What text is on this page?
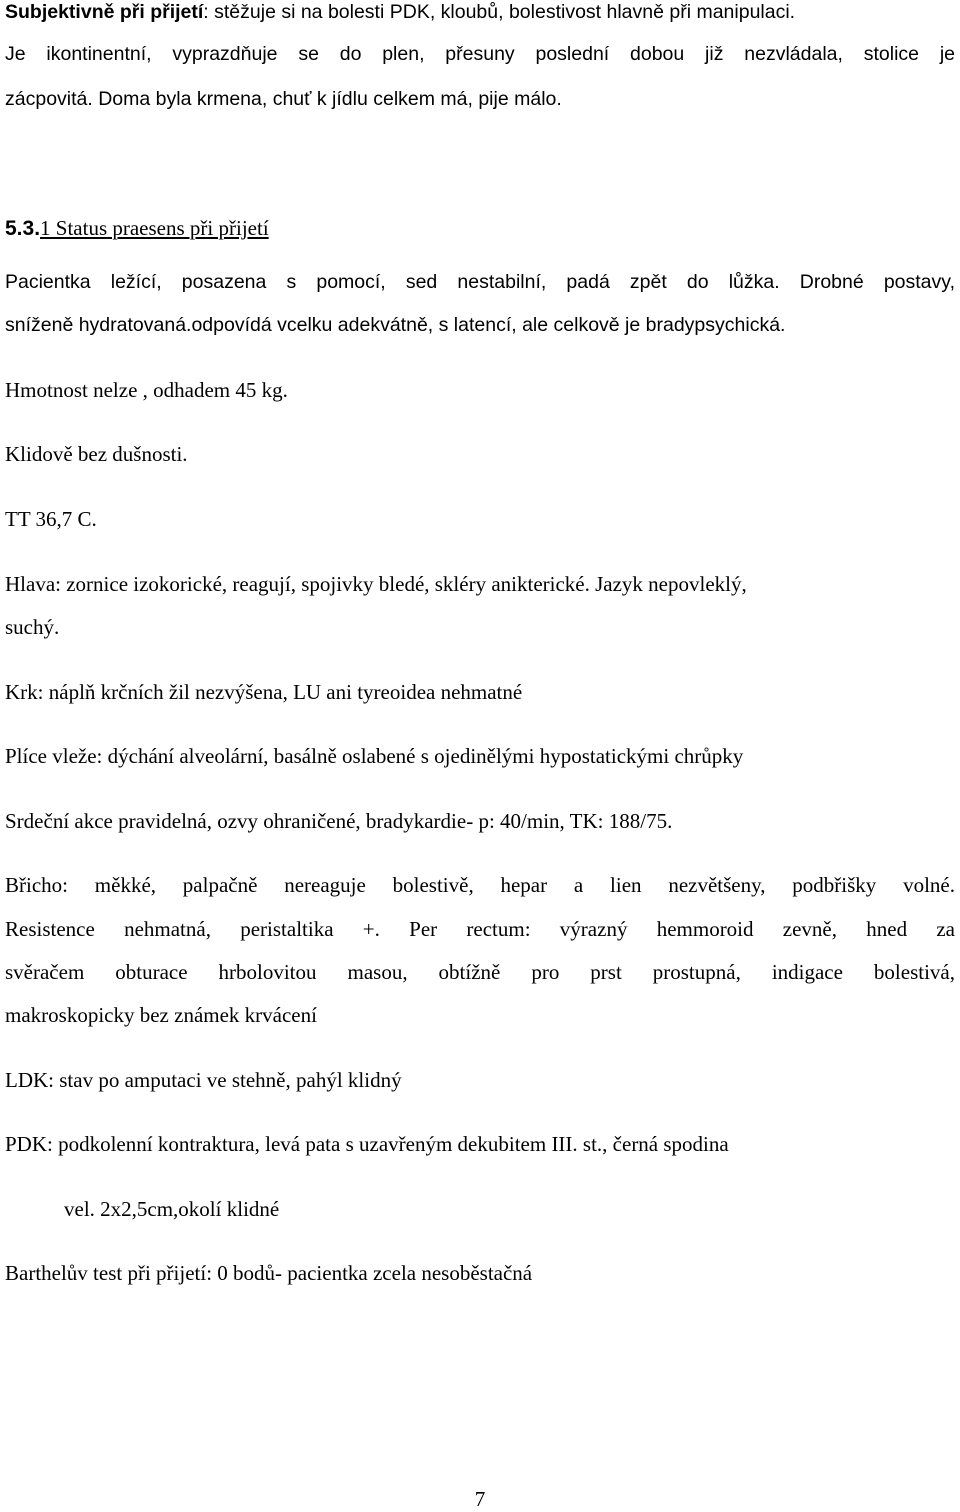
Subjektivně při přijetí: stěžuje si na bolesti PDK, kloubů, bolestivost hlavně při manipulaci.

Je ikontinentní, vyprazdňuje se do plen, přesuny poslední dobou již nezvládala, stolice je

zácpovitá. Doma byla krmena, chuť k jídlu celkem má, pije málo.

5.3.1 Status praesens při přijetí

Pacientka ležící, posazena s pomocí, sed nestabilní, padá zpět do lůžka. Drobné postavy,

sníženě hydratovaná.odpovídá vcelku adekvátně, s latencí, ale celkově je bradypsychická.

Hmotnost nelze , odhadem 45 kg.

Klidově bez dušnosti.

TT 36,7 C.

Hlava: zornice izokorické, reagují, spojivky bledé, skléry anikterické. Jazyk nepovleklý,

suchý.

Krk: náplň krčních žil nezvýšena, LU ani tyreoidea nehmatné

Plíce vleže: dýchání alveolární, basálně oslabené s ojedinělými hypostatickými chrůpky

Srdeční akce pravidelná, ozvy ohraničené, bradykardie- p: 40/min, TK: 188/75.

Břicho: měkké, palpačně nereaguje bolestivě, hepar a lien nezvětšeny, podbřišky volné.

Resistence nehmatná, peristaltika +. Per rectum: výrazný hemmoroid zevně, hned za

svěračem obturace hrbolovitou masou, obtížně pro prst prostupná, indigace bolestivá,

makroskopicky bez známek krvácení

LDK: stav po amputaci ve stehně, pahýl klidný

PDK: podkolenní kontraktura, levá pata s uzavřeným dekubitem III. st., černá spodina

vel. 2x2,5cm,okolí klidné

Barthelův test při přijetí: 0 bodů- pacientka zcela nesoběstačná

7
